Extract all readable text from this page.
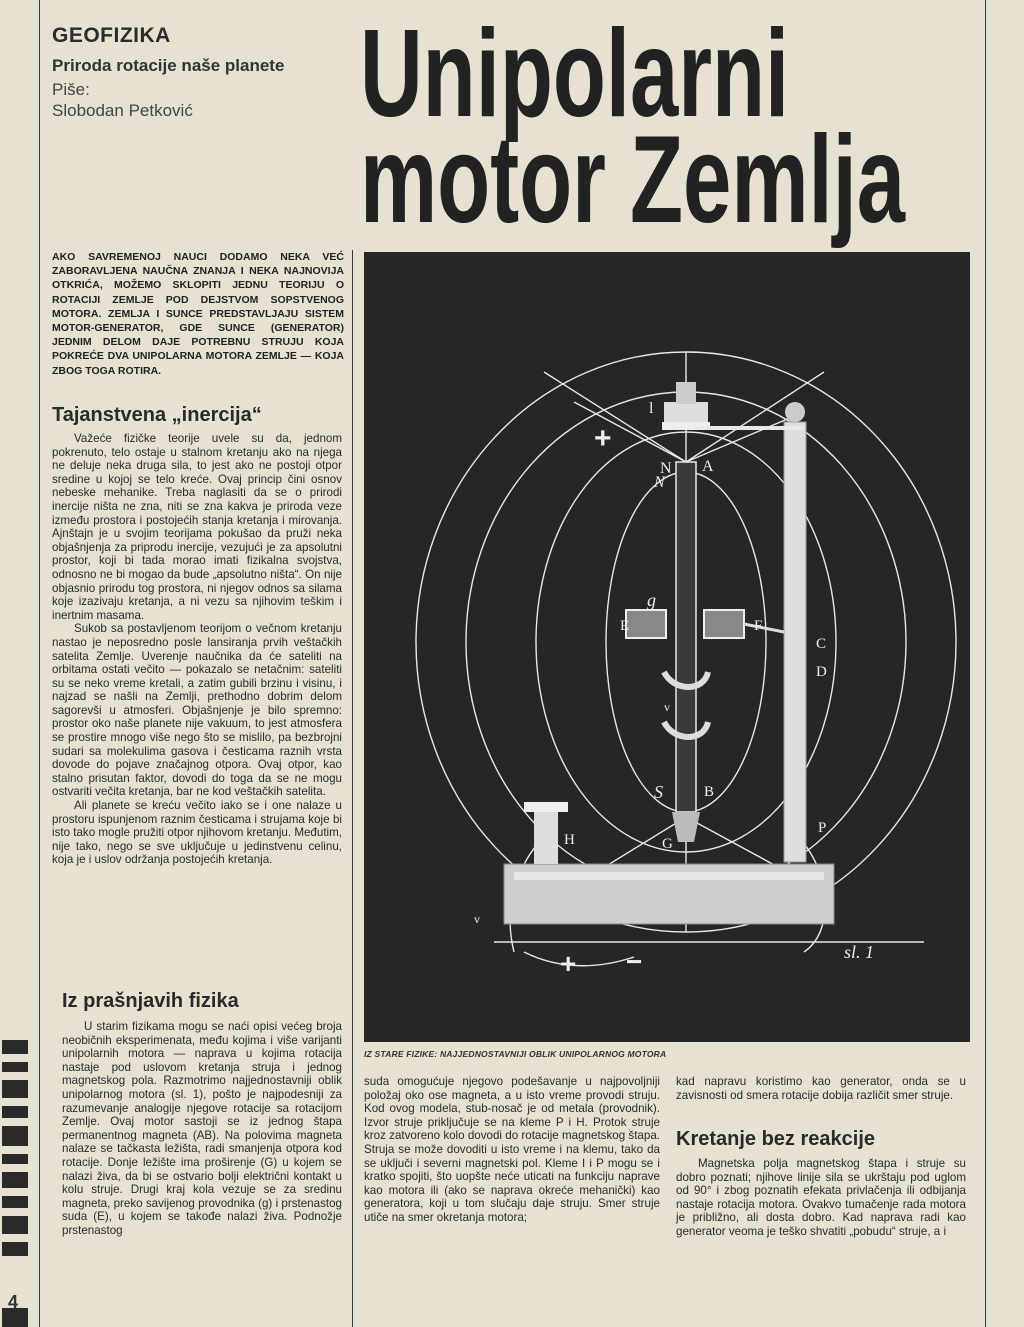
GEOFIZIKA
Priroda rotacije naše planete
Piše:
Slobodan Petković Unipolarni
motor Zemlja
AKO SAVREMENOJ NAUCI DODAMO NEKA VEĆ ZABORAVLJENA NAUČNA ZNANJA I NEKA NAJNOVIJA OTKRIĆA, MOŽEMO SKLOPITI JEDNU TEORIJU O ROTACIJI ZEMLJE POD DEJSTVOM SOPSTVENOG MOTORA. ZEMLJA I SUNCE PREDSTAVLJAJU SISTEM MOTOR-GENERATOR, GDE SUNCE (GENERATOR) JEDNIM DELOM DAJE POTREBNU STRUJU KOJA POKREĆE DVA UNIPOLARNA MOTORA ZEMLJE — KOJA ZBOG TOGA ROTIRA.
Tajanstvena „inercija“

Važeće fizičke teorije uvele su da, jednom pokrenuto, telo ostaje u stalnom kretanju ako na njega ne deluje neka druga sila, to jest ako ne postoji otpor sredine u kojoj se telo kreće. Ovaj princip čini osnov nebeske mehanike. Treba naglasiti da se o prirodi inercije ništa ne zna, niti se zna kakva je priroda veze između prostora i postojećih stanja kretanja i mirovanja. Ajnštajn je u svojim teorijama pokušao da pruži neka objašnjenja za priprodu inercije, vezujući je za apsolutni prostor, koji bi tada morao imati fizikalna svojstva, odnosno ne bi mogao da bude „apsolutno ništa“. On nije objasnio prirodu tog prostora, ni njegov odnos sa silama koje izazivaju kretanja, a ni vezu sa njihovim teškim i inertnim masama.

Sukob sa postavljenom teorijom o večnom kretanju nastao je neposredno posle lansiranja prvih veštačkih satelita Zemlje. Uverenje naučnika da će sateliti na orbitama ostati večito — pokazalo se netačnim: sateliti su se neko vreme kretali, a zatim gubili brzinu i visinu, i najzad se našli na Zemlji, prethodno dobrim delom sagorevši u atmosferi. Objašnjenje je bilo spremno: prostor oko naše planete nije vakuum, to jest atmosfera se prostire mnogo više nego što se mislilo, pa bezbrojni sudari sa molekulima gasova i česticama raznih vrsta dovode do pojave značajnog otpora. Ovaj otpor, kao stalno prisutan faktor, dovodi do toga da se ne mogu ostvariti večita kretanja, bar ne kod veštačkih satelita.

Ali planete se kreću večito iako se i one nalaze u prostoru ispunjenom raznim česticama i strujama koje bi isto tako mogle pružiti otpor njihovom kretanju. Međutim, nije tako, nego se sve uključuje u jedinstvenu celinu, koja je i uslov održanja postojećih kretanja.

Iz prašnjavih fizika

U starim fizikama mogu se naći opisi većeg broja neobičnih eksperimenata, među kojima i više varijanti unipolarnih motora — naprava u kojima rotacija nastaje pod uslovom kretanja struja i jednog magnetskog pola. Razmotrimo najjednostavniji oblik unipolarnog motora (sl. 1), pošto je najpodesniji za razumevanje analogije njegove rotacije sa rotacijom Zemlje. Ovaj motor sastoji se iz jednog štapa permanentnog magneta (AB). Na polovima magneta nalaze se tačkasta ležišta, radi smanjenja otpora kod rotacije. Donje ležište ima proširenje (G) u kojem se nalazi živa, da bi se ostvario bolji električni kontakt u kolu struje. Drugi kraj kola vezuje se za sredinu magneta, preko savijenog provodnika (g) i prstenastog suda (E), u kojem se takođe nalazi živa. Podnožje prstenastog

suda omogućuje njegovo podešavanje u najpovoljniji položaj oko ose magneta, a u isto vreme provodi struju. Kod ovog modela, stub-nosač je od metala (provodnik). Izvor struje priključuje se na kleme P i H. Protok struje kroz zatvoreno kolo dovodi do rotacije magnetskog štapa. Struja se može dovoditi u isto vreme i na klemu, tako da se uključi i severni magnetski pol. Kleme I i P mogu se i kratko spojiti, što uopšte neće uticati na funkciju naprave kao motora ili (ako se naprava okreće mehanički) kao generatora, koji u tom slučaju daje struju. Smer struje utiče na smer okretanja motora;

kad napravu koristimo kao generator, onda se u zavisnosti od smera rotacije dobija različit smer struje.

Kretanje bez reakcije

Magnetska polja magnetskog štapa i struje su dobro poznati; njihove linije sila se ukrštaju pod uglom od 90° i zbog poznatih efekata privlačenja ili odbijanja nastaje rotacija motora. Ovakvo tumačenje rada motora je približno, ali dosta dobro. Kad naprava radi kao generator veoma je teško shvatiti „pobudu“ struje, a i

l
+
N A
N
g
E	F
C
D
v
S	B
H	G
P
+ −
v
sl. 1
IZ STARE FIZIKE: NAJJEDNOSTAVNIJI OBLIK UNIPOLARNOG MOTORA
4
